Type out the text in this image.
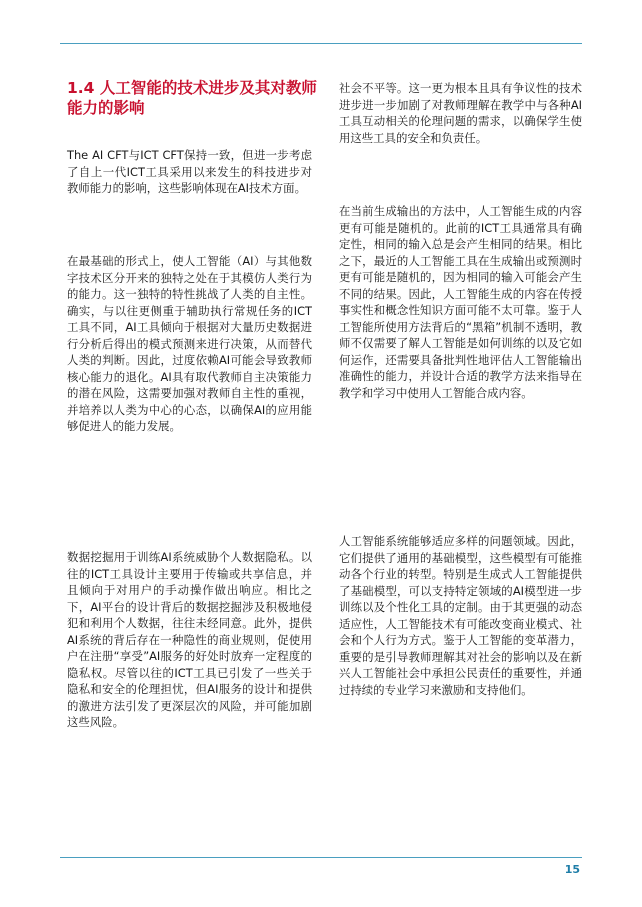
1.4 人工智能的技术进步及其对教师能力的影响

The AI CFT与ICT CFT保持一致，但进一步考虑了自上一代ICT工具采用以来发生的科技进步对教师能力的影响，这些影响体现在AI技术方面。

在最基础的形式上，使人工智能（AI）与其他数字技术区分开来的独特之处在于其模仿人类行为的能力。这一独特的特性挑战了人类的自主性。确实，与以往更侧重于辅助执行常规任务的ICT工具不同，AI工具倾向于根据对大量历史数据进行分析后得出的模式预测来进行决策，从而替代人类的判断。因此，过度依赖AI可能会导致教师核心能力的退化。AI具有取代教师自主决策能力的潜在风险，这需要加强对教师自主性的重视，并培养以人类为中心的心态，以确保AI的应用能够促进人的能力发展。

数据挖掘用于训练AI系统威胁个人数据隐私。以往的ICT工具设计主要用于传输或共享信息，并且倾向于对用户的手动操作做出响应。相比之下，AI平台的设计背后的数据挖掘涉及积极地侵犯和利用个人数据，往往未经同意。此外，提供AI系统的背后存在一种隐性的商业规则，促使用户在注册“享受”AI服务的好处时放弃一定程度的隐私权。尽管以往的ICT工具已引发了一些关于隐私和安全的伦理担忧，但AI服务的设计和提供的激进方法引发了更深层次的风险，并可能加剧这些风险。

社会不平等。这一更为根本且具有争议性的技术进步进一步加剧了对教师理解在教学中与各种AI工具互动相关的伦理问题的需求，以确保学生使用这些工具的安全和负责任。

在当前生成输出的方法中，人工智能生成的内容更有可能是随机的。此前的ICT工具通常具有确定性，相同的输入总是会产生相同的结果。相比之下，最近的人工智能工具在生成输出或预测时更有可能是随机的，因为相同的输入可能会产生不同的结果。因此，人工智能生成的内容在传授事实性和概念性知识方面可能不太可靠。鉴于人工智能所使用方法背后的“黑箱”机制不透明，教师不仅需要了解人工智能是如何训练的以及它如何运作，还需要具备批判性地评估人工智能输出准确性的能力，并设计合适的教学方法来指导在教学和学习中使用人工智能合成内容。

人工智能系统能够适应多样的问题领域。因此，它们提供了通用的基础模型，这些模型有可能推动各个行业的转型。特别是生成式人工智能提供了基础模型，可以支持特定领域的AI模型进一步训练以及个性化工具的定制。由于其更强的动态适应性，人工智能技术有可能改变商业模式、社会和个人行为方式。鉴于人工智能的变革潜力，重要的是引导教师理解其对社会的影响以及在新兴人工智能社会中承担公民责任的重要性，并通过持续的专业学习来激励和支持他们。

15
